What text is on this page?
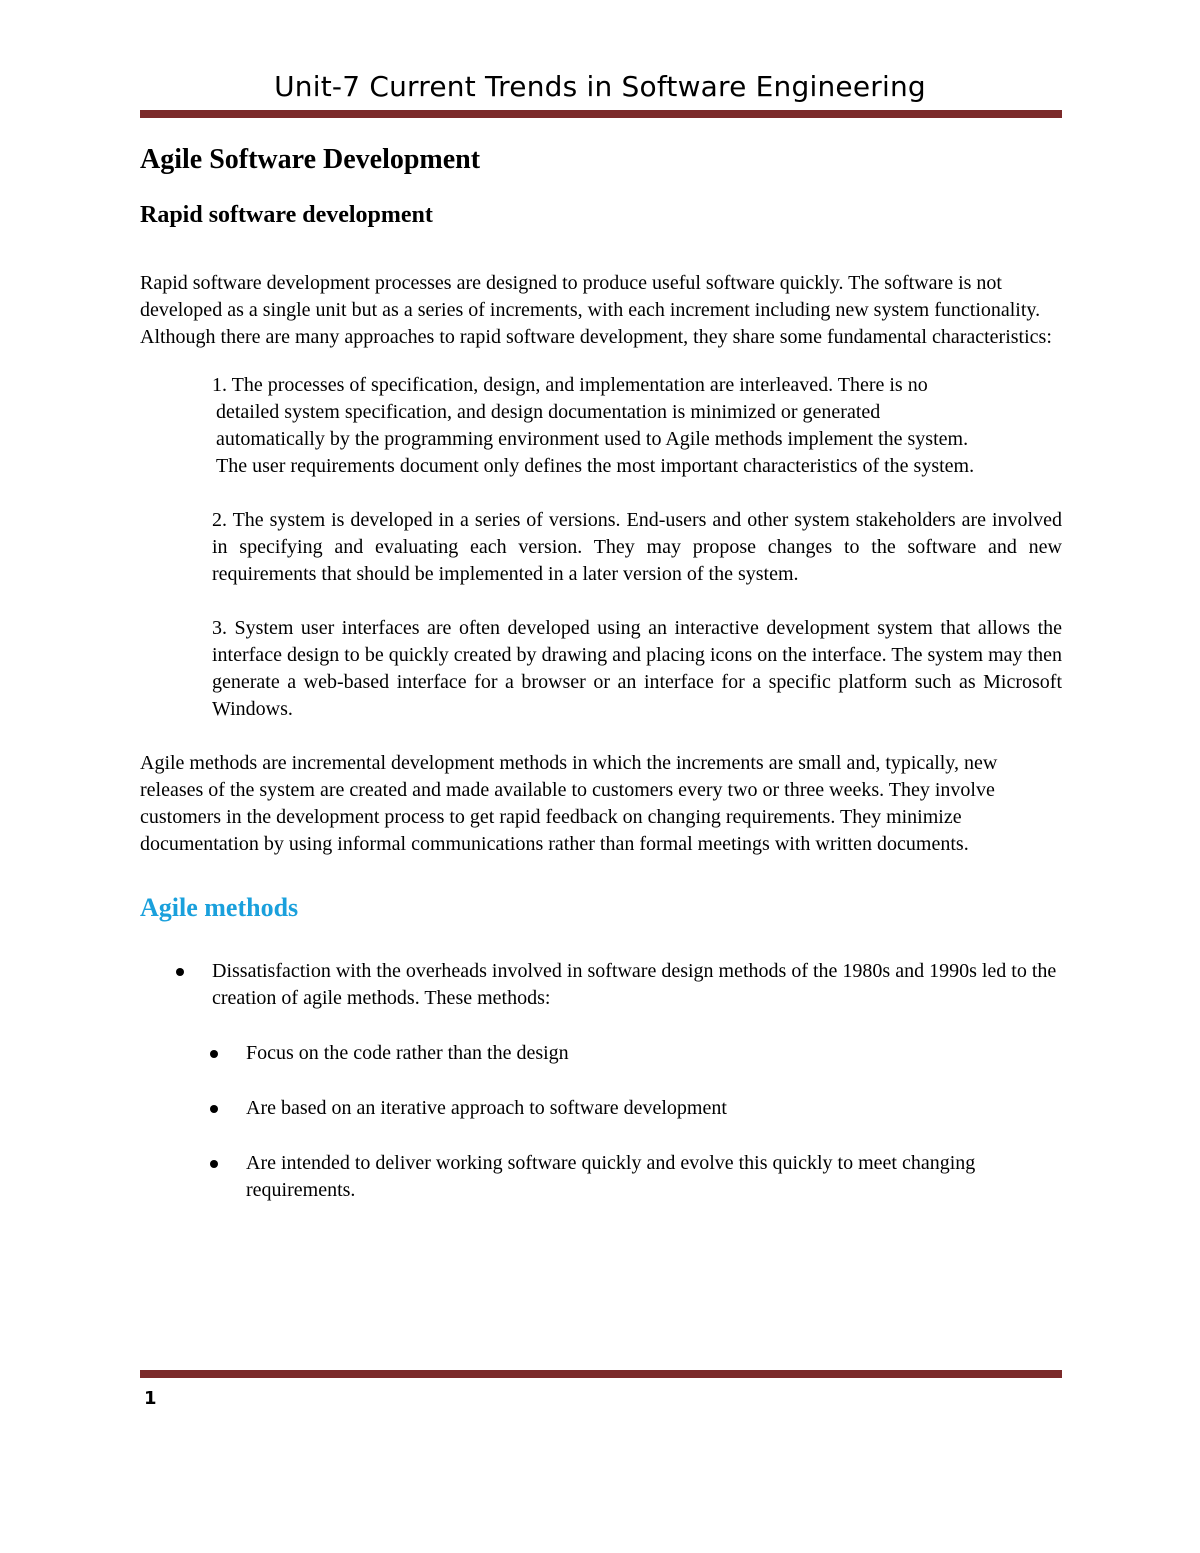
Unit-7 Current Trends in Software Engineering
Agile Software Development
Rapid software development

Rapid software development processes are designed to produce useful software quickly. The software is not developed as a single unit but as a series of increments, with each increment including new system functionality. Although there are many approaches to rapid software development, they share some fundamental characteristics:

1. The processes of specification, design, and implementation are interleaved. There is no
detailed system specification, and design documentation is minimized or generated
automatically by the programming environment used to Agile methods implement the system.
The user requirements document only defines the most important characteristics of the system.

2. The system is developed in a series of versions. End-users and other system stakeholders are involved in specifying and evaluating each version. They may propose changes to the software and new requirements that should be implemented in a later version of the system.

3. System user interfaces are often developed using an interactive development system that allows the interface design to be quickly created by drawing and placing icons on the interface. The system may then generate a web-based interface for a browser or an interface for a specific platform such as Microsoft Windows.

Agile methods are incremental development methods in which the increments are small and, typically, new releases of the system are created and made available to customers every two or three weeks. They involve customers in the development process to get rapid feedback on changing requirements. They minimize documentation by using informal communications rather than formal meetings with written documents.

Agile methods
Dissatisfaction with the overheads involved in software design methods of the 1980s and 1990s led to the creation of agile methods. These methods:
Focus on the code rather than the design
Are based on an iterative approach to software development
Are intended to deliver working software quickly and evolve this quickly to meet changing requirements.
1
